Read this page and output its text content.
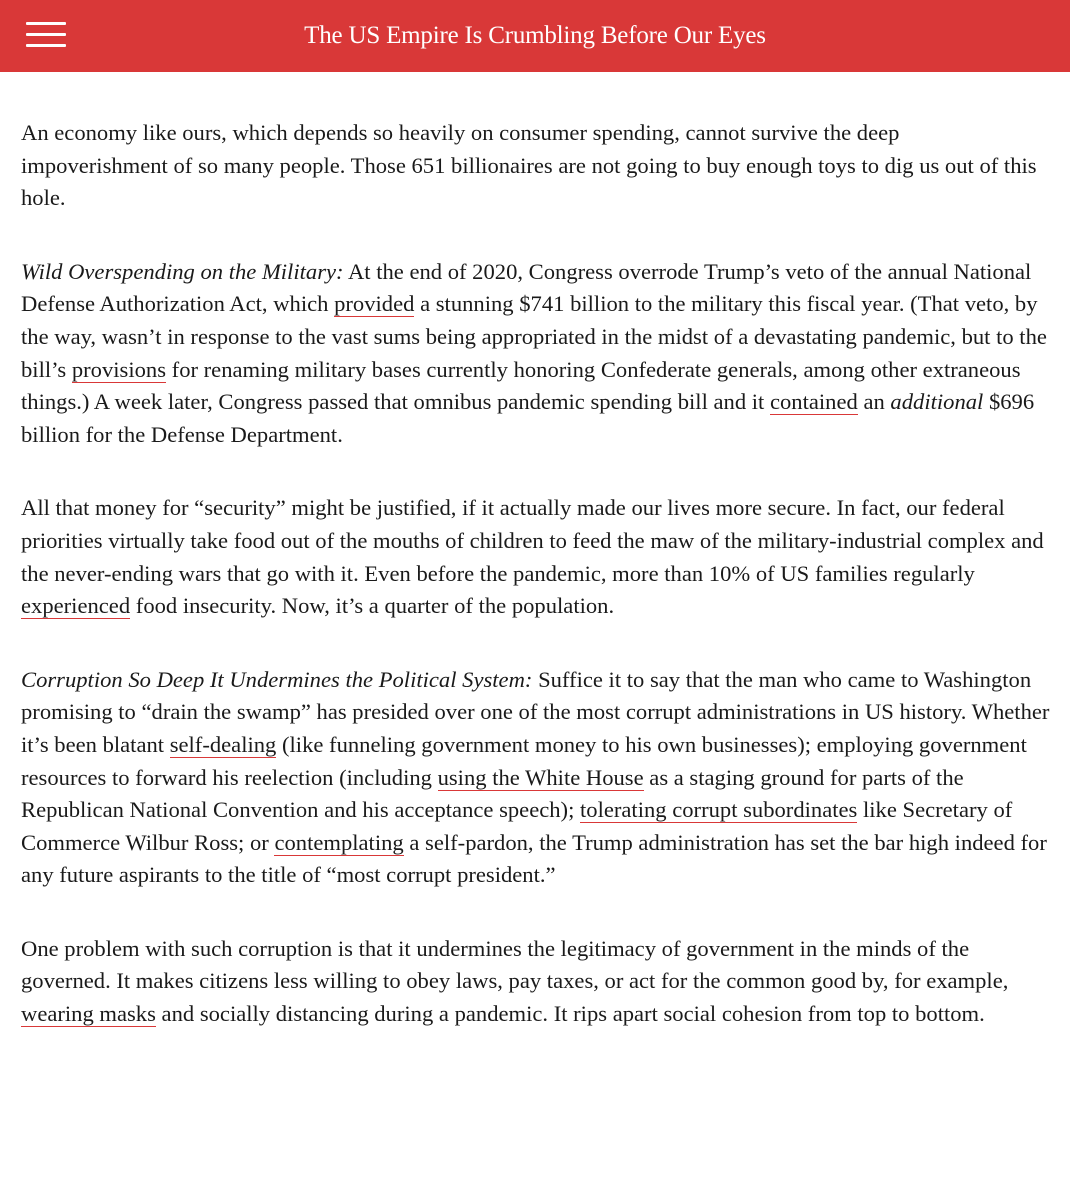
The US Empire Is Crumbling Before Our Eyes

An economy like ours, which depends so heavily on consumer spending, cannot survive the deep impoverishment of so many people. Those 651 billionaires are not going to buy enough toys to dig us out of this hole.

Wild Overspending on the Military: At the end of 2020, Congress overrode Trump’s veto of the annual National Defense Authorization Act, which provided a stunning $741 billion to the military this fiscal year. (That veto, by the way, wasn’t in response to the vast sums being appropriated in the midst of a devastating pandemic, but to the bill’s provisions for renaming military bases currently honoring Confederate generals, among other extraneous things.) A week later, Congress passed that omnibus pandemic spending bill and it contained an additional $696 billion for the Defense Department.

All that money for “security” might be justified, if it actually made our lives more secure. In fact, our federal priorities virtually take food out of the mouths of children to feed the maw of the military-industrial complex and the never-ending wars that go with it. Even before the pandemic, more than 10% of US families regularly experienced food insecurity. Now, it’s a quarter of the population.

Corruption So Deep It Undermines the Political System: Suffice it to say that the man who came to Washington promising to “drain the swamp” has presided over one of the most corrupt administrations in US history. Whether it’s been blatant self-dealing (like funneling government money to his own businesses); employing government resources to forward his reelection (including using the White House as a staging ground for parts of the Republican National Convention and his acceptance speech); tolerating corrupt subordinates like Secretary of Commerce Wilbur Ross; or contemplating a self-pardon, the Trump administration has set the bar high indeed for any future aspirants to the title of “most corrupt president.”

One problem with such corruption is that it undermines the legitimacy of government in the minds of the governed. It makes citizens less willing to obey laws, pay taxes, or act for the common good by, for example, wearing masks and socially distancing during a pandemic. It rips apart social cohesion from top to bottom.
